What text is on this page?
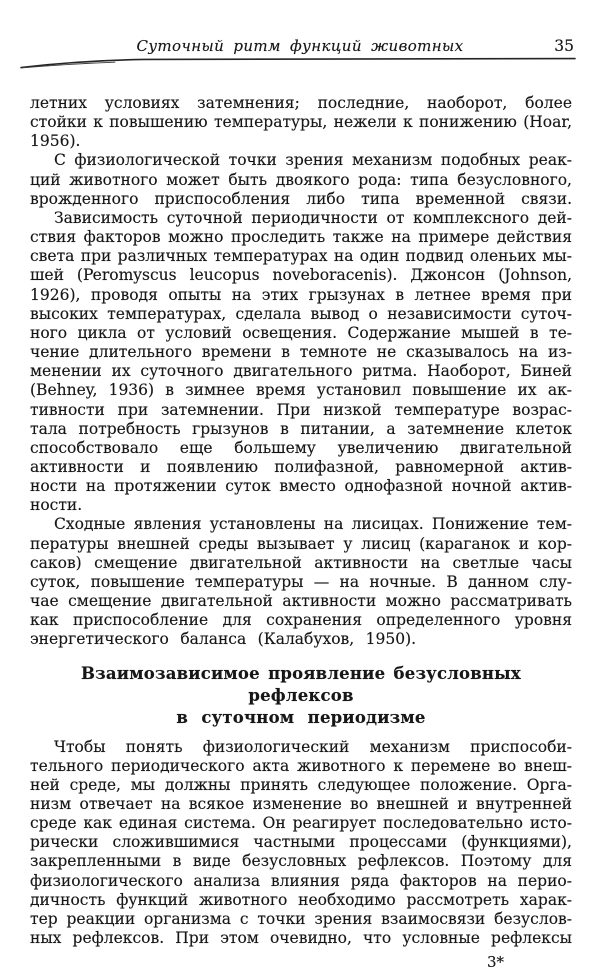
Суточный ритм функций животных	35
летних условиях затемнения; последние, наоборот, более
стойки к повышению температуры, нежели к понижению (Hoar,
1956).
С физиологической точки зрения механизм подобных реак-
ций животного может быть двоякого рода: типа безусловного,
врожденного приспособления либо типа временной связи.
Зависимость суточной периодичности от комплексного дей-
ствия факторов можно проследить также на примере действия
света при различных температурах на один подвид оленьих мы-
шей (Peromyscus leucopus noveboracenis). Джонсон (Johnson,
1926), проводя опыты на этих грызунах в летнее время при
высоких температурах, сделала вывод о независимости суточ-
ного цикла от условий освещения. Содержание мышей в те-
чение длительного времени в темноте не сказывалось на из-
менении их суточного двигательного ритма. Наоборот, Биней
(Behney, 1936) в зимнее время установил повышение их ак-
тивности при затемнении. При низкой температуре возрас-
тала потребность грызунов в питании, а затемнение клеток
способствовало еще большему увеличению двигательной
активности и появлению полифазной, равномерной актив-
ности на протяжении суток вместо однофазной ночной актив-
ности.
Сходные явления установлены на лисицах. Понижение тем-
пературы внешней среды вызывает у лисиц (караганок и кор-
саков) смещение двигательной активности на светлые часы
суток, повышение температуры — на ночные. В данном слу-
чае смещение двигательной активности можно рассматривать
как приспособление для сохранения определенного уровня
энергетического баланса (Калабухов, 1950).
Взаимозависимое проявление безусловных рефлексов
в суточном периодизме
Чтобы понять физиологический механизм приспособи-
тельного периодического акта животного к перемене во внеш-
ней среде, мы должны принять следующее положение. Орга-
низм отвечает на всякое изменение во внешней и внутренней
среде как единая система. Он реагирует последовательно исто-
рически сложившимися частными процессами (функциями),
закрепленными в виде безусловных рефлексов. Поэтому для
физиологического анализа влияния ряда факторов на перио-
дичность функций животного необходимо рассмотреть харак-
тер реакции организма с точки зрения взаимосвязи безуслов-
ных рефлексов. При этом очевидно, что условные рефлексы
3*
